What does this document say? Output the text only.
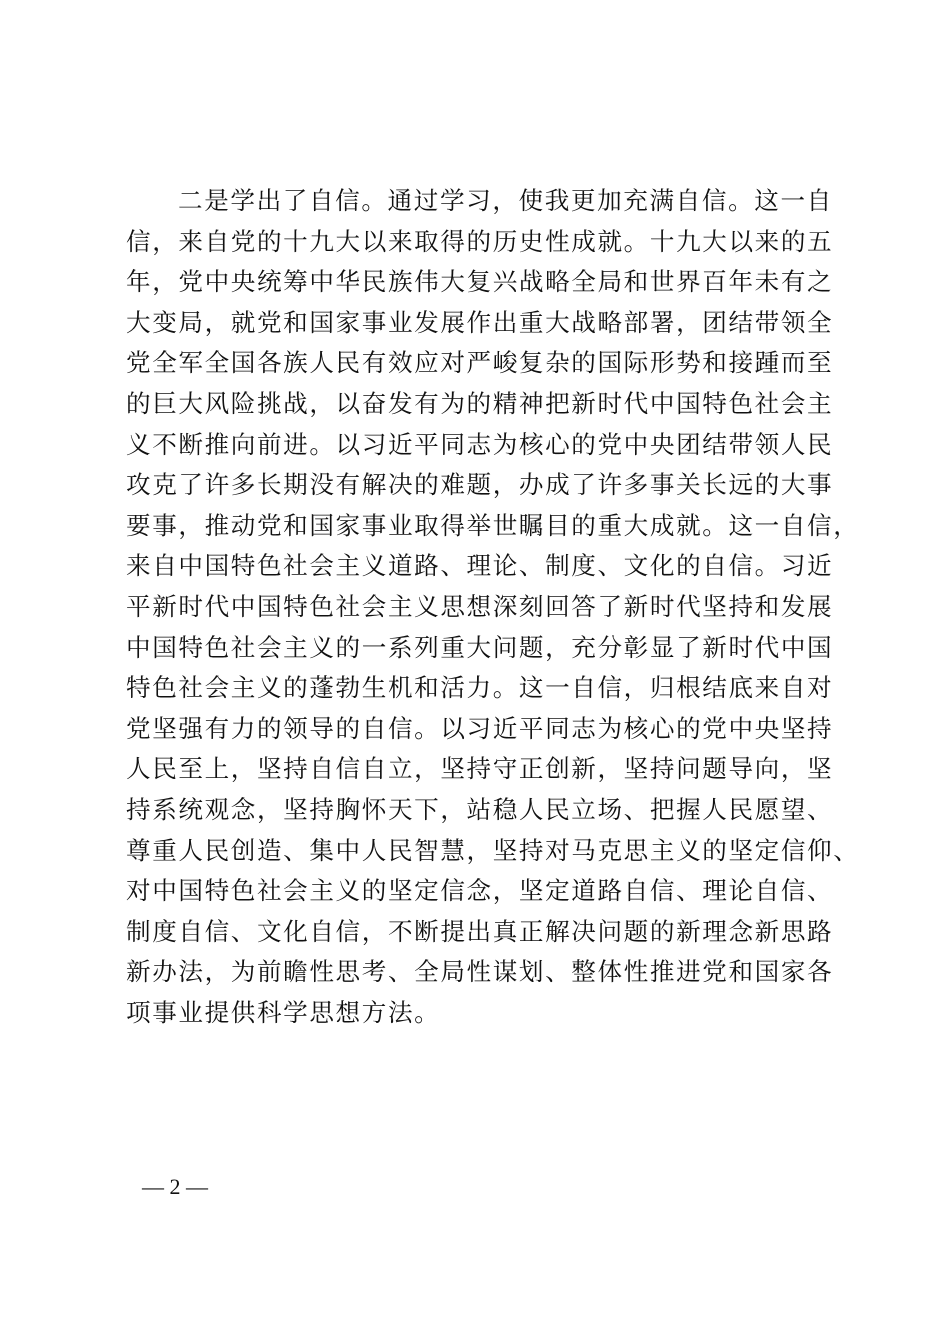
二是学出了自信。通过学习，使我更加充满自信。这一自
信，来自党的十九大以来取得的历史性成就。十九大以来的五
年，党中央统筹中华民族伟大复兴战略全局和世界百年未有之
大变局，就党和国家事业发展作出重大战略部署，团结带领全
党全军全国各族人民有效应对严峻复杂的国际形势和接踵而至
的巨大风险挑战，以奋发有为的精神把新时代中国特色社会主
义不断推向前进。以习近平同志为核心的党中央团结带领人民
攻克了许多长期没有解决的难题，办成了许多事关长远的大事
要事，推动党和国家事业取得举世瞩目的重大成就。这一自信，
来自中国特色社会主义道路、理论、制度、文化的自信。习近
平新时代中国特色社会主义思想深刻回答了新时代坚持和发展
中国特色社会主义的一系列重大问题，充分彰显了新时代中国
特色社会主义的蓬勃生机和活力。这一自信，归根结底来自对
党坚强有力的领导的自信。以习近平同志为核心的党中央坚持
人民至上，坚持自信自立，坚持守正创新，坚持问题导向，坚
持系统观念，坚持胸怀天下，站稳人民立场、把握人民愿望、
尊重人民创造、集中人民智慧，坚持对马克思主义的坚定信仰、
对中国特色社会主义的坚定信念，坚定道路自信、理论自信、
制度自信、文化自信，不断提出真正解决问题的新理念新思路
新办法，为前瞻性思考、全局性谋划、整体性推进党和国家各
项事业提供科学思想方法。
— 2 —
